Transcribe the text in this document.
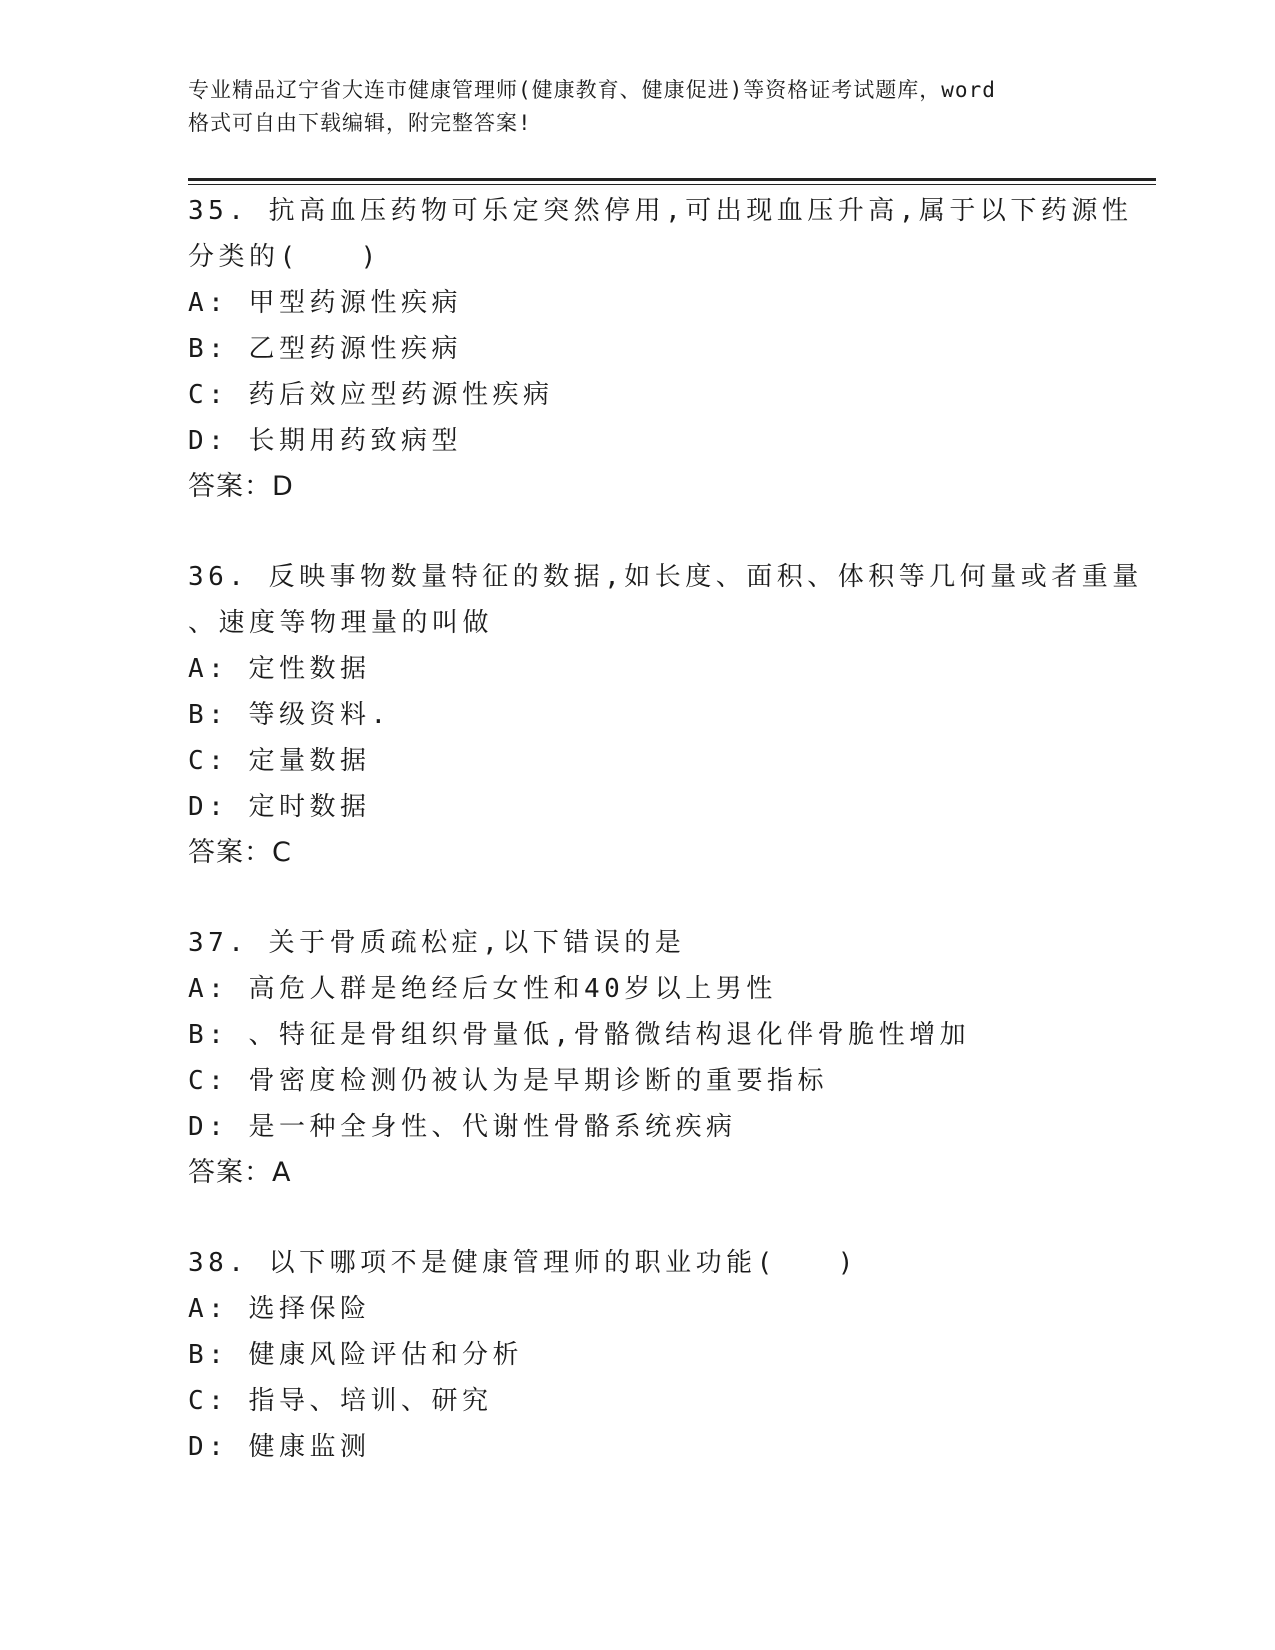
专业精品辽宁省大连市健康管理师(健康教育、健康促进)等资格证考试题库，word
格式可自由下载编辑，附完整答案!
35. 抗高血压药物可乐定突然停用,可出现血压升高,属于以下药源性
分类的(　　)
A: 甲型药源性疾病
B: 乙型药源性疾病
C: 药后效应型药源性疾病
D: 长期用药致病型
答案：D
36. 反映事物数量特征的数据,如长度、面积、体积等几何量或者重量
、速度等物理量的叫做
A: 定性数据
B: 等级资料.
C: 定量数据
D: 定时数据
答案：C
37. 关于骨质疏松症,以下错误的是
A: 高危人群是绝经后女性和40岁以上男性
B: 、特征是骨组织骨量低,骨骼微结构退化伴骨脆性增加
C: 骨密度检测仍被认为是早期诊断的重要指标
D: 是一种全身性、代谢性骨骼系统疾病
答案：A
38. 以下哪项不是健康管理师的职业功能(　　)
A: 选择保险
B: 健康风险评估和分析
C: 指导、培训、研究
D: 健康监测
